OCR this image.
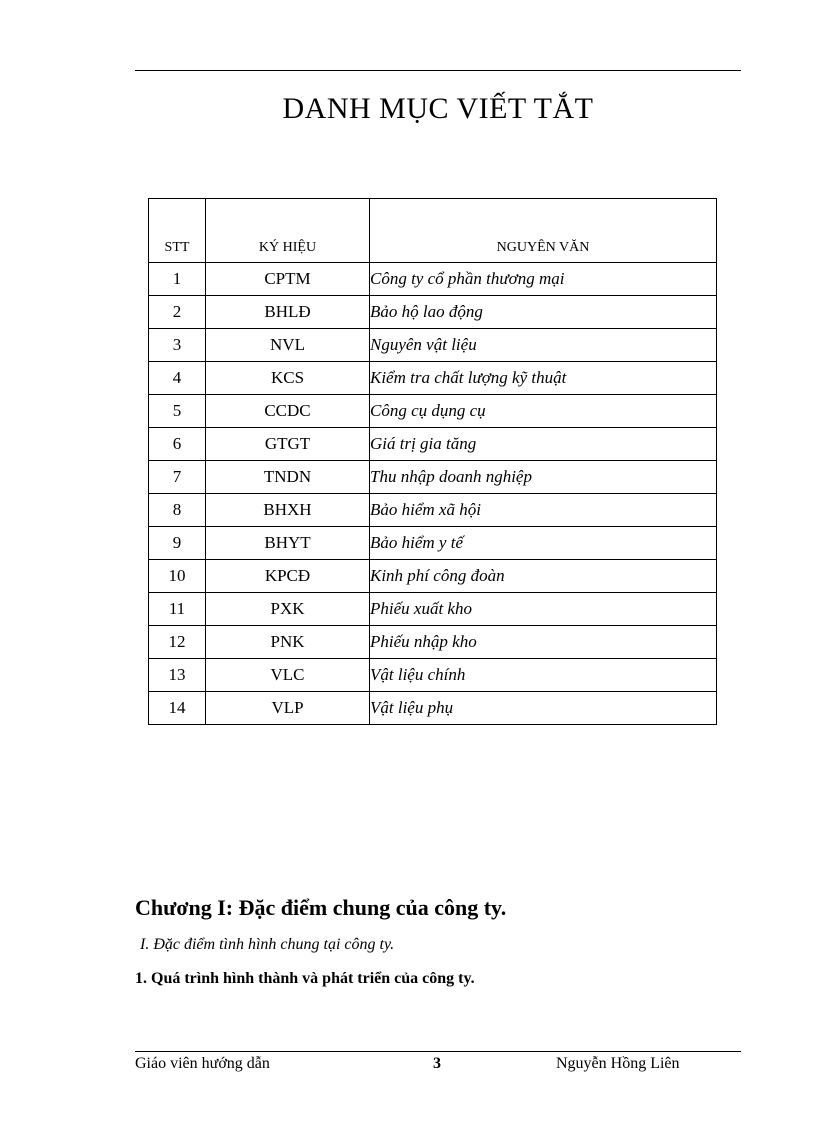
DANH MỤC VIẾT TẮT
STT	KÝ HIỆU	NGUYÊN VĂN
1	CPTM	Công ty cổ phần thương mại
2	BHLĐ	Bảo hộ lao động
3	NVL	Nguyên vật liệu
4	KCS	Kiểm tra chất lượng kỹ thuật
5	CCDC	Công cụ dụng cụ
6	GTGT	Giá trị gia tăng
7	TNDN	Thu nhập doanh nghiệp
8	BHXH	Bảo hiểm xã hội
9	BHYT	Bảo hiểm y tế
10	KPCĐ	Kinh phí công đoàn
11	PXK	Phiếu xuất kho
12	PNK	Phiếu nhập kho
13	VLC	Vật liệu chính
14	VLP	Vật liệu phụ
Chương I: Đặc điểm chung của công ty.
I. Đặc điểm tình hình chung tại công ty.
1. Quá trình hình thành và phát triển của công ty.
Giáo viên hướng dẫn	3	Nguyễn Hồng Liên
